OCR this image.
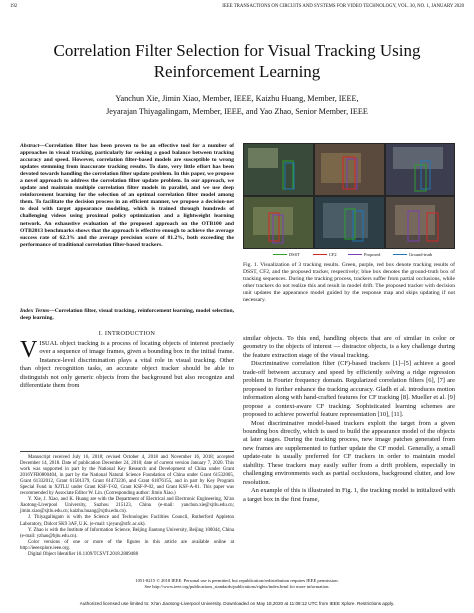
192	IEEE TRANSACTIONS ON CIRCUITS AND SYSTEMS FOR VIDEO TECHNOLOGY, VOL. 30, NO. 1, JANUARY 2020
Correlation Filter Selection for Visual Tracking Using Reinforcement Learning
Yanchun Xie, Jimin Xiao, Member, IEEE, Kaizhu Huang, Member, IEEE,
Jeyarajan Thiyagalingam, Member, IEEE, and Yao Zhao, Senior Member, IEEE
Abstract—Correlation filter has been proven to be an effective tool for a number of approaches in visual tracking, particularly for seeking a good balance between tracking accuracy and speed. However, correlation filter-based models are susceptible to wrong updates stemming from inaccurate tracking results. To date, very little effort has been devoted towards handling the correlation filter update problem. In this paper, we propose a novel approach to address the correlation filter update problem. In our approach, we update and maintain multiple correlation filter models in parallel, and we use deep reinforcement learning for the selection of an optimal correlation filter model among them. To facilitate the decision process in an efficient manner, we propose a decision-net to deal with target appearance modeling, which is trained through hundreds of challenging videos using proximal policy optimization and a lightweight learning network. An exhaustive evaluation of the proposed approach on the OTB100 and OTB2013 benchmarks shows that the approach is effective enough to achieve the average success rate of 62.3% and the average precision score of 81.2%, both exceeding the performance of traditional correlation filter-based trackers.
Index Terms—Correlation filter, visual tracking, reinforcement learning, model selection, deep learning.
I. INTRODUCTION
VISUAL object tracking is a process of locating objects of interest precisely over a sequence of image frames, given a bounding box in the initial frame. Instance-level discrimination plays a vital role in visual tracking. Other than object recognition tasks, an accurate object tracker should be able to distinguish not only generic objects from the background but also recognize and differentiate them from

Manuscript received July 16, 2018; revised October 4, 2018 and November 16, 2018; accepted December 14, 2018. Date of publication December 24, 2018; date of current version January 7, 2020. This work was supported in part by the National Key Research and Development of China under Grant 2016YFB0800404, in part by the National Natural Science Foundation of China under Grant 61532005, Grant 61332012, Grant 61501379, Grant 61473236, and Grant 61876155, and in part by Key Program Special Fund in XJTLU under Grant KSF-T-02, Grant KSF-P-02, and Grant KSF-A-01. This paper was recommended by Associate Editor W. Lin. (Corresponding author: Jimin Xiao.)

Y. Xie, J. Xiao, and K. Huang are with the Department of Electrical and Electronic Engineering, Xi'an Jiaotong-Liverpool University, Suzhou 215123, China (e-mail: yanchun.xie@xjtlu.edu.cn; jimin.xiao@xjtlu.edu.cn; kaizhu.huang@xjtlu.edu.cn).

J. Thiyagalingam is with the Science and Technologies Facilities Council, Rutherford Appleton Laboratory, Didcot SK9 3AF, U.K. (e-mail: t.jeyan@stfc.ac.uk).

Y. Zhao is with the Institute of Information Science, Beijing Jiaotong University, Beijing 100044, China (e-mail: yzhao@bjtu.edu.cn).

Color versions of one or more of the figures in this article are available online at http://ieeexplore.ieee.org.

Digital Object Identifier 10.1109/TCSVT.2018.2889488

DSST	CF2	Proposed	Ground-truth
Fig. 1. Visualization of 3 tracking results. Green, purple, red box denote tracking results of DSST, CF2, and the proposed tracker, respectively; blue box denotes the ground-truth box of tracking sequences. During the tracking process, trackers suffer from partial occlusions, while other trackers do not realize this and result in model drift. The proposed tracker with decision unit updates the appearance model guided by the response map and skips updating if not necessary.

similar objects. To this end, handling objects that are of similar in color or geometry to the objects of interest — distractor objects, is a key challenge during the feature extraction stage of the visual tracking.

Discriminative correlation filter (CF)-based trackers [1]–[5] achieve a good trade-off between accuracy and speed by efficiently solving a ridge regression problem in Fourier frequency domain. Regularized correlation filters [6], [7] are proposed to further enhance the tracking accuracy. Gladh et al. introduces motion information along with hand-crafted features for CF tracking [8]. Mueller et al. [9] propose a context-aware CF tracking. Sophisticated learning schemes are proposed to achieve powerful feature representation [10], [11].

Most discriminative model-based trackers exploit the target from a given bounding box directly, which is used to build the appearance model of the objects at later stages. During the tracking process, new image patches generated from new frames are supplemented to further update the CF model. Generally, a small update-rate is usually preferred for CF trackers in order to maintain model stability. These trackers may easily suffer from a drift problem, especially in challenging environments such as partial occlusions, background clutter, and low resolution.

An example of this is illustrated in Fig. 1, the tracking model is initialized with a target box in the first frame,

1051-8215 © 2018 IEEE. Personal use is permitted, but republication/redistribution requires IEEE permission.
See http://www.ieee.org/publications_standards/publications/rights/index.html for more information.
Authorized licensed use limited to: Xi'an Jiaotong-Liverpool University. Downloaded on May 18,2020 at 11:08:12 UTC from IEEE Xplore. Restrictions apply.
